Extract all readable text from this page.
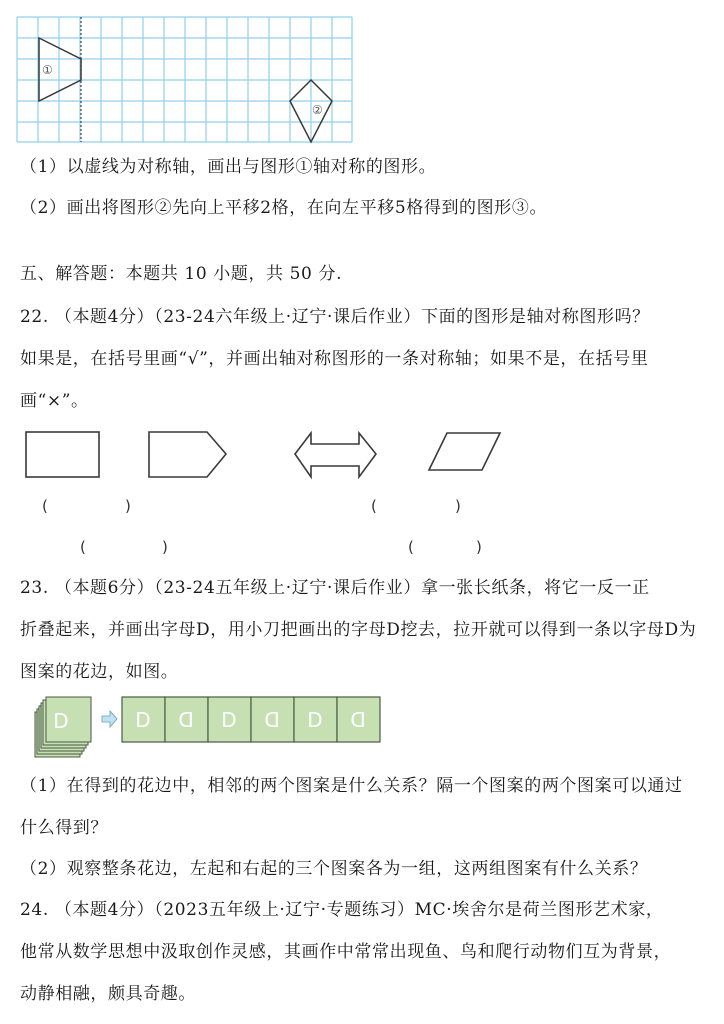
①
②
（1）以虚线为对称轴，画出与图形①轴对称的图形。
（2）画出将图形②先向上平移2格，在向左平移5格得到的图形③。
五、解答题：本题共 10 小题，共 50 分.
22. （本题4分）（23-24六年级上·辽宁·课后作业）下面的图形是轴对称图形吗？
如果是，在括号里画“√”，并画出轴对称图形的一条对称轴；如果不是，在括号里
画“×”。
(	)	(	)
(	)	(	)
23. （本题6分）（23-24五年级上·辽宁·课后作业）拿一张长纸条，将它一反一正
折叠起来，并画出字母D，用小刀把画出的字母D挖去，拉开就可以得到一条以字母D为
图案的花边，如图。
D	D D D D D D
（1）在得到的花边中，相邻的两个图案是什么关系？隔一个图案的两个图案可以通过
什么得到？
（2）观察整条花边，左起和右起的三个图案各为一组，这两组图案有什么关系？
24. （本题4分）（2023五年级上·辽宁·专题练习）MC·埃舍尔是荷兰图形艺术家，
他常从数学思想中汲取创作灵感，其画作中常常出现鱼、鸟和爬行动物们互为背景，
动静相融，颇具奇趣。
